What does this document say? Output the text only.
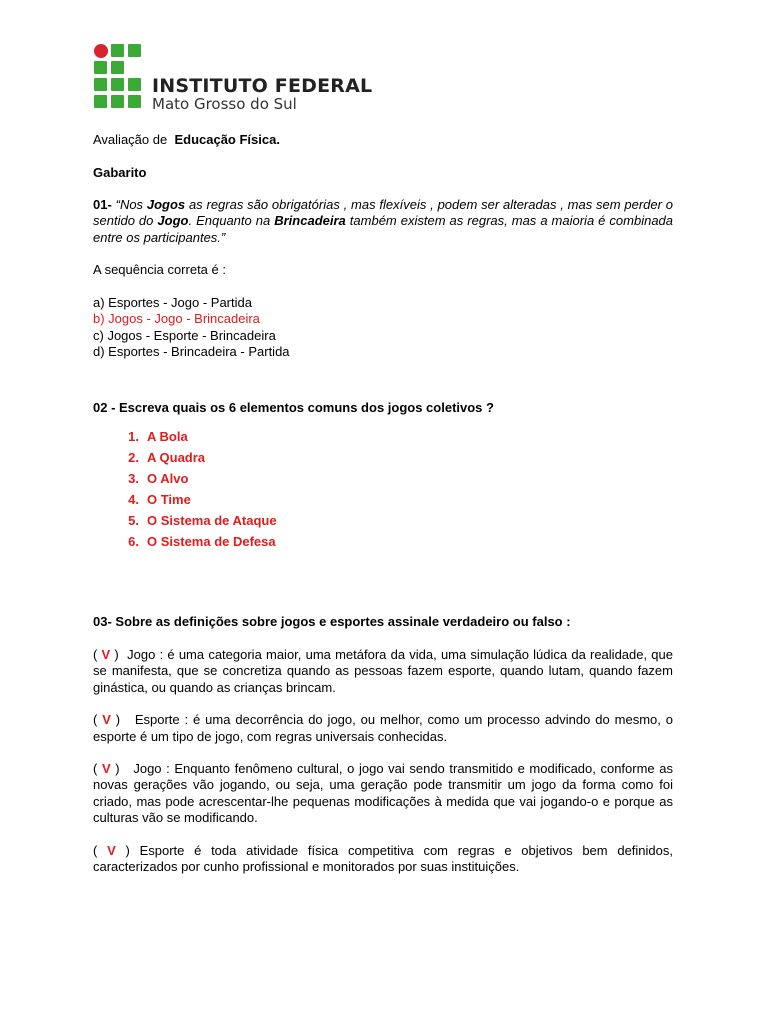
INSTITUTO FEDERAL
Mato Grosso do Sul

Avaliação de Educação Física.

Gabarito

01- “Nos Jogos as regras são obrigatórias , mas flexíveis , podem ser alteradas , mas sem perder o sentido do Jogo. Enquanto na Brincadeira também existem as regras, mas a maioria é combinada entre os participantes.”

A sequência correta é :

a) Esportes - Jogo - Partida
b) Jogos - Jogo - Brincadeira
c) Jogos - Esporte - Brincadeira
d) Esportes - Brincadeira - Partida

02 - Escreva quais os 6 elementos comuns dos jogos coletivos ?

1. A Bola
2. A Quadra
3. O Alvo
4. O Time
5. O Sistema de Ataque
6. O Sistema de Defesa

03- Sobre as definições sobre jogos e esportes assinale verdadeiro ou falso :

( V )  Jogo : é uma categoria maior, uma metáfora da vida, uma simulação lúdica da realidade, que se manifesta, que se concretiza quando as pessoas fazem esporte, quando lutam, quando fazem ginástica, ou quando as crianças brincam.

( V )   Esporte : é uma decorrência do jogo, ou melhor, como um processo advindo do mesmo, o esporte é um tipo de jogo, com regras universais conhecidas.

( V )   Jogo : Enquanto fenômeno cultural, o jogo vai sendo transmitido e modificado, conforme as novas gerações vão jogando, ou seja, uma geração pode transmitir um jogo da forma como foi criado, mas pode acrescentar-lhe pequenas modificações à medida que vai jogando-o e porque as culturas vão se modificando.

( V ) Esporte é toda atividade física competitiva com regras e objetivos bem definidos, caracterizados por cunho profissional e monitorados por suas instituições.
